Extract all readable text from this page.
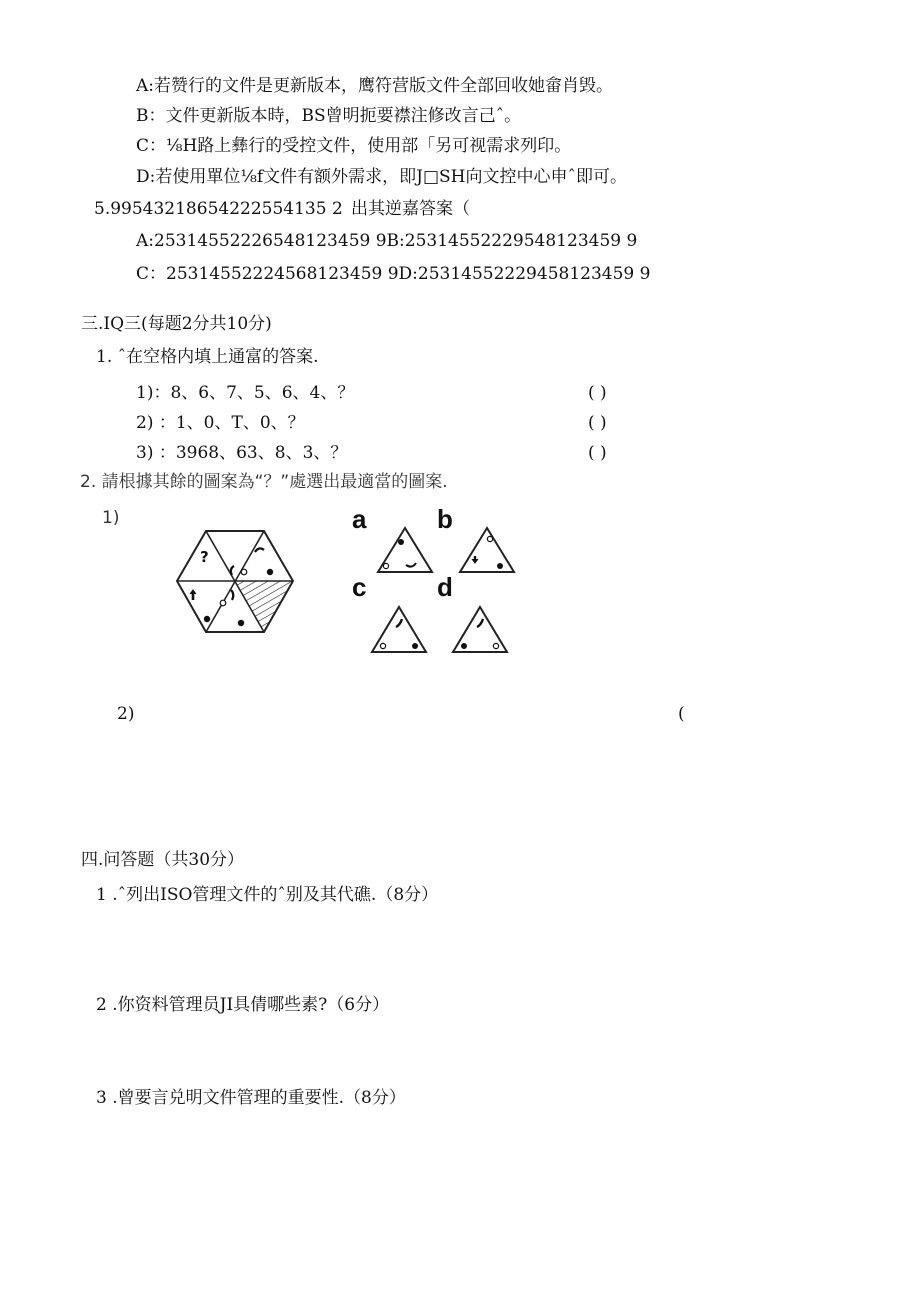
A:若赞行的文件是更新版本，鹰符营版文件全部回收她畲肖毁。
B：文件更新版本時，BS曾明扼要襟注修改言己ˆ。
C：⅛H路上彝行的受控文件，使用部「另可视需求列印。
D:若使用單位⅛f文件有额外需求，即J□SH向文控中心申ˆ即可。
5.99543218654222554135 2 出其逆嘉答案（
A:25314552226548123459 9B:25314552229548123459 9
C：25314552224568123459 9D:25314552229458123459 9
三.IQ三(每题2分共10分)
1. ˆ在空格内填上通富的答案.
1)：8、6、7、5、6、4、？	( )
2) ：1、0、T、0、？	( )
3) ：3968、63、8、3、？	( )
2. 請根據其餘的圖案為“？”處選出最適當的圖案.
1)
?
a	b
c	d
2)	(
四.问答题（共30分）
1 .ˆ列出ISO管理文件的ˆ别及其代礁.（8分）
2 .你资料管理员JI具倩哪些素?（6分）
3 .曾要言兑明文件管理的重要性.（8分）
